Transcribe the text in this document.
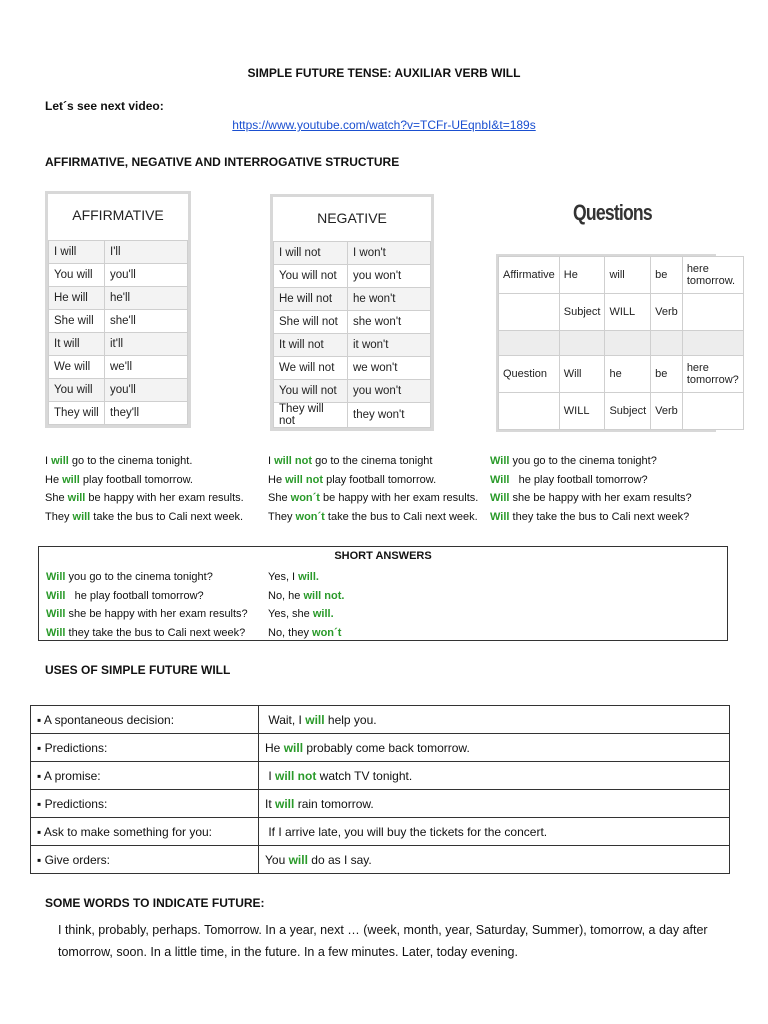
SIMPLE FUTURE TENSE: AUXILIAR VERB WILL
Let´s see next video:
https://www.youtube.com/watch?v=TCFr-UEqnbI&t=189s
AFFIRMATIVE, NEGATIVE AND INTERROGATIVE STRUCTURE
AFFIRMATIVE
I will	I'll
You will	you'll
He will	he'll
She will	she'll
It will	it'll
We will	we'll
You will	you'll
They will	they'll
NEGATIVE
I will not	I won't
You will not	you won't
He will not	he won't
She will not	she won't
It will not	it won't
We will not	we won't
You will not	you won't
They will not	they won't
Questions
Affirmative	He	will	be	here tomorrow.
	Subject	WILL	Verb	

Question	Will	he	be	here tomorrow?
	WILL	Subject	Verb	
I will go to the cinema tonight.
He will play football tomorrow.
She will be happy with her exam results.
They will take the bus to Cali next week.
I will not go to the cinema tonight
He will not play football tomorrow.
She won´t be happy with her exam results.
They won´t take the bus to Cali next week.
Will you go to the cinema tonight?
Will   he play football tomorrow?
Will she be happy with her exam results?
Will they take the bus to Cali next week?
SHORT ANSWERS
Will you go to the cinema tonight?	Yes, I will.
Will   he play football tomorrow?	No, he will not.
Will she be happy with her exam results?	Yes, she will.
Will they take the bus to Cali next week?	No, they won´t
USES OF SIMPLE FUTURE WILL
▪ A spontaneous decision:	Wait, I will help you.
▪ Predictions:	He will probably come back tomorrow.
▪ A promise:	I will not watch TV tonight.
▪ Predictions:	It will rain tomorrow.
▪ Ask to make something for you:	If I arrive late, you will buy the tickets for the concert.
▪ Give orders:	You will do as I say.
SOME WORDS TO INDICATE FUTURE:
I think, probably, perhaps. Tomorrow. In a year, next … (week, month, year, Saturday, Summer), tomorrow, a day after tomorrow, soon. In a little time, in the future. In a few minutes. Later, today evening.
